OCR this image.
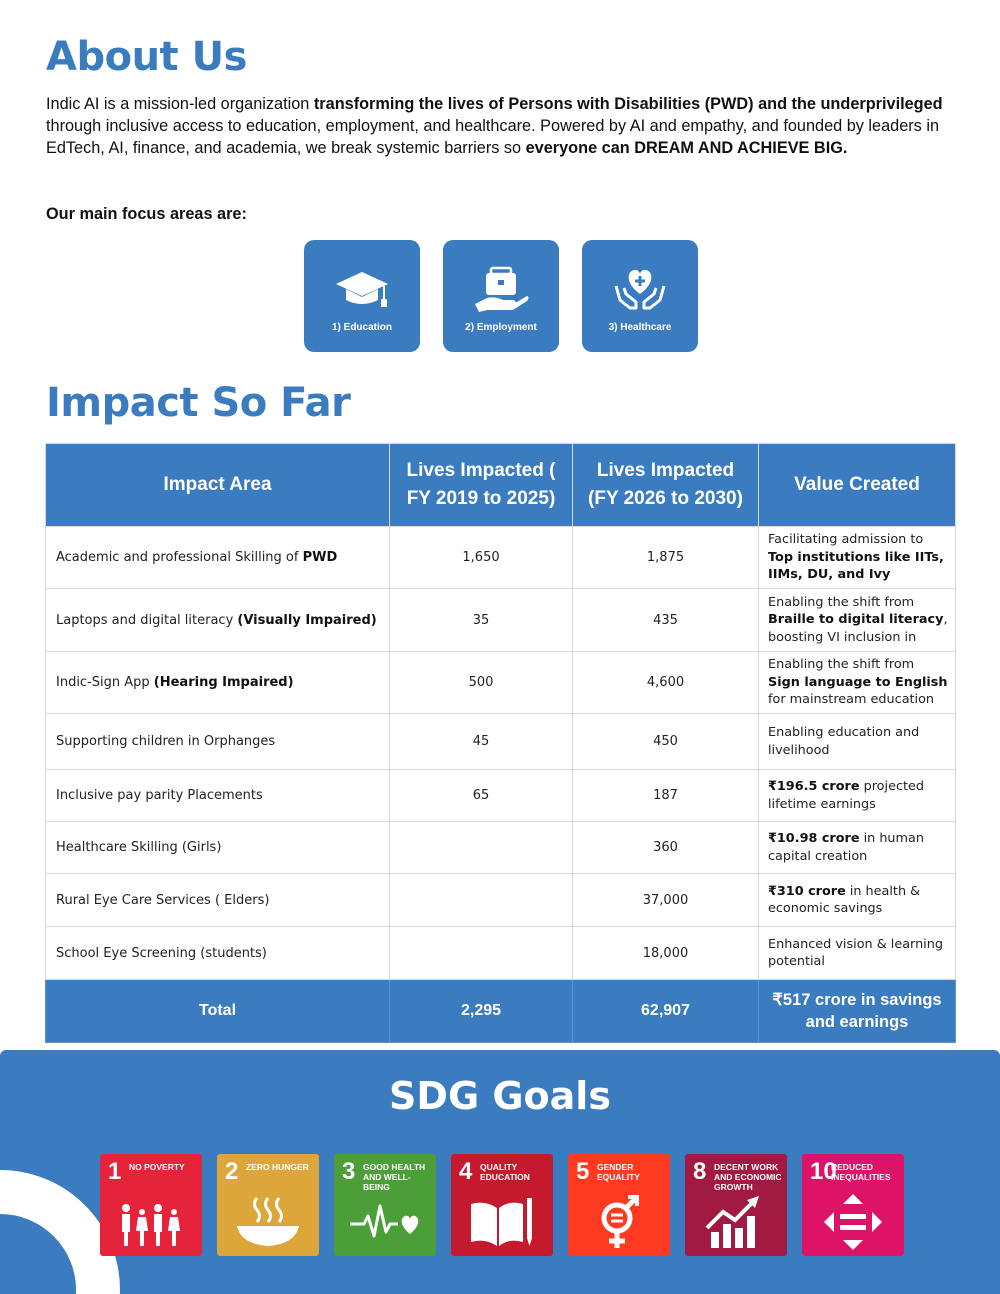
About Us

Indic AI is a mission-led organization transforming the lives of Persons with Disabilities (PWD) and the underprivileged through inclusive access to education, employment, and healthcare. Powered by AI and empathy, and founded by leaders in EdTech, AI, finance, and academia, we break systemic barriers so everyone can DREAM AND ACHIEVE BIG.

Our main focus areas are:
1) Education	2) Employment	3) Healthcare
Impact So Far
Impact Area	Lives Impacted ( FY 2019 to 2025)	Lives Impacted (FY 2026 to 2030)	Value Created
Academic and professional Skilling of PWD	1,650	1,875	Facilitating admission to Top institutions like IITs, IIMs, DU, and Ivy

Laptops and digital literacy (Visually Impaired)	35	435	Enabling the shift from Braille to digital literacy, boosting VI inclusion in

Indic-Sign App (Hearing Impaired)	500	4,600	Enabling the shift from Sign language to English for mainstream education

Supporting children in Orphanges	45	450	Enabling education and livelihood

Inclusive pay parity Placements	65	187	₹196.5 crore projected lifetime earnings

Healthcare Skilling (Girls)		360	₹10.98 crore in human capital creation

Rural Eye Care Services ( Elders)		37,000	₹310 crore in health & economic savings

School Eye Screening (students)		18,000	Enhanced vision & learning potential

Total	2,295	62,907	₹517 crore in savings and earnings
SDG Goals
1 NO POVERTY	2 ZERO HUNGER 3 GOOD HEALTH AND WELL-BEING
4 QUALITY EDUCATION	5 GENDER EQUALITY	8 DECENT WORK AND ECONOMIC GROWTH
10
REDUCED INEQUALITIES
